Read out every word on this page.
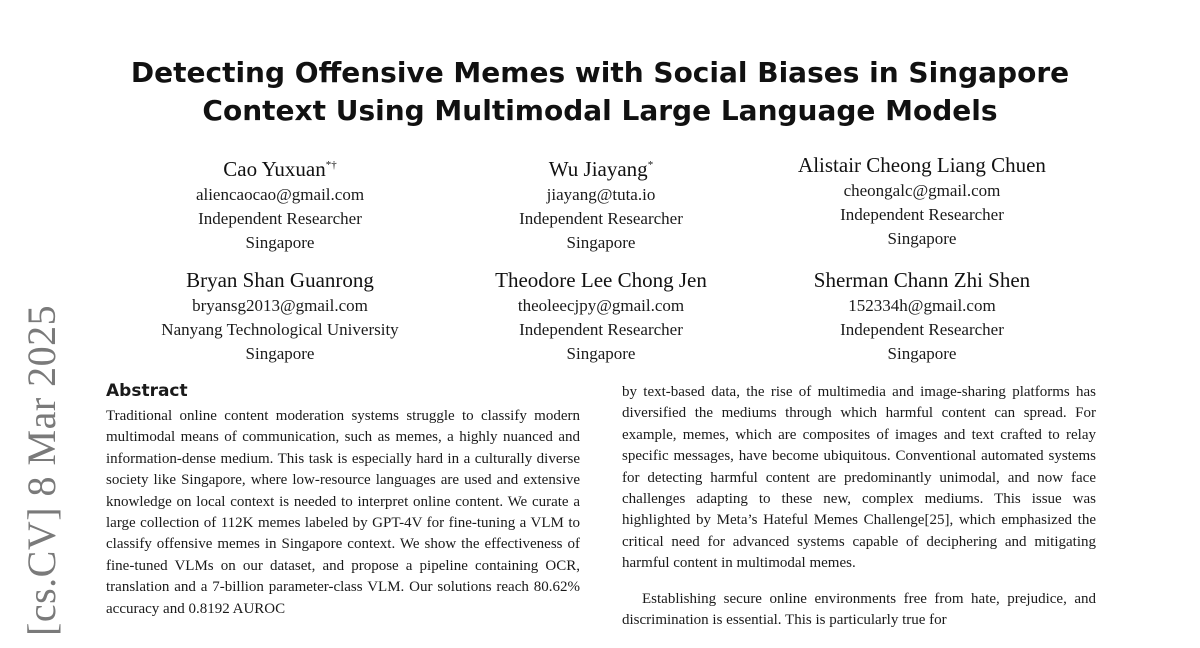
[cs.CV] 8 Mar 2025
Detecting Offensive Memes with Social Biases in Singapore
Context Using Multimodal Large Language Models
Cao Yuxuan*†
aliencaocao@gmail.com
Independent Researcher
Singapore
Wu Jiayang*
jiayang@tuta.io
Independent Researcher
Singapore
Alistair Cheong Liang Chuen
cheongalc@gmail.com
Independent Researcher
Singapore
Bryan Shan Guanrong
bryansg2013@gmail.com
Nanyang Technological University
Singapore
Theodore Lee Chong Jen
theoleecjpy@gmail.com
Independent Researcher
Singapore
Sherman Chann Zhi Shen
152334h@gmail.com
Independent Researcher
Singapore
Abstract

Traditional online content moderation systems struggle to classify modern multimodal means of communication, such as memes, a highly nuanced and information-dense medium. This task is especially hard in a culturally diverse society like Singapore, where low-resource languages are used and extensive knowledge on local context is needed to interpret online content. We curate a large collection of 112K memes labeled by GPT-4V for fine-tuning a VLM to classify offensive memes in Singapore context. We show the effectiveness of fine-tuned VLMs on our dataset, and propose a pipeline containing OCR, translation and a 7-billion parameter-class VLM. Our solutions reach 80.62% accuracy and 0.8192 AUROC

by text-based data, the rise of multimedia and image-sharing platforms has diversified the mediums through which harmful content can spread. For example, memes, which are composites of images and text crafted to relay specific messages, have become ubiquitous. Conventional automated systems for detecting harmful content are predominantly unimodal, and now face challenges adapting to these new, complex mediums. This issue was highlighted by Meta’s Hateful Memes Challenge[25], which emphasized the critical need for advanced systems capable of deciphering and mitigating harmful content in multimodal memes.

Establishing secure online environments free from hate, prejudice, and discrimination is essential. This is particularly true for
